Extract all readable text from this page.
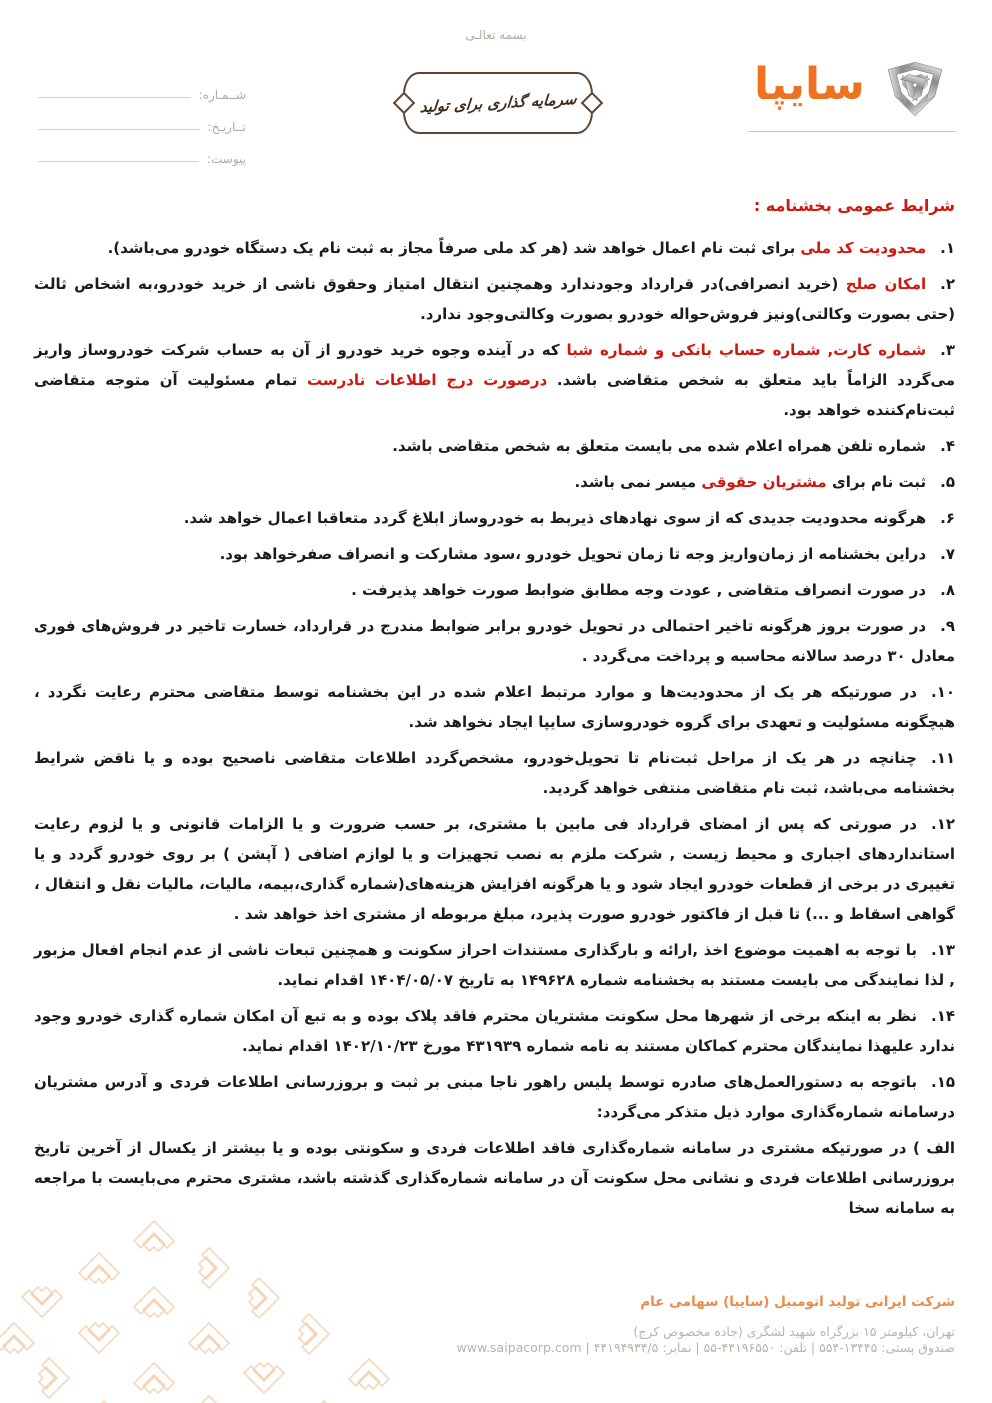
بسمه تعالـی
شــمـاره:
تــاریـخ:
پیوست:
سرمایه گذاری برای تولید	سایپا
شرایط عمومی بخشنامه :

۱.محدودیت کد ملی برای ثبت نام اعمال خواهد شد (هر کد ملی صرفاً مجاز به ثبت نام یک دستگاه خودرو می‌باشد).

۲.امکان صلح (خرید انصرافی)در قرارداد وجودندارد وهمچنین انتقال امتیاز وحقوق ناشی از خرید خودرو،به اشخاص ثالث (حتی بصورت وکالتی)ونیز فروش‌حواله خودرو بصورت وکالتی‌وجود ندارد.

۳.شماره کارت, شماره حساب بانکی و شماره شبا که در آینده وجوه خرید خودرو از آن به حساب شرکت خودروساز واریز می‌گردد الزاماً باید متعلق به شخص متقاضی باشد. درصورت درج اطلاعات نادرست تمام مسئولیت آن متوجه متقاضی ثبت‌نام‌کننده خواهد بود.

۴.شماره تلفن همراه اعلام شده می بایست متعلق به شخص متقاضی باشد.

۵.ثبت نام برای مشتریان حقوقی میسر نمی باشد.

۶.هرگونه محدودیت جدیدی که از سوی نهادهای ذیربط به خودروساز ابلاغ گردد متعاقبا اعمال خواهد شد.

۷.دراین بخشنامه از زمان‌واریز وجه تا زمان تحویل خودرو ،سود مشارکت و انصراف صفرخواهد بود.

۸.در صورت انصراف متقاضی , عودت وجه مطابق ضوابط صورت خواهد پذیرفت .

۹.در صورت بروز هرگونه تاخیر احتمالی در تحویل خودرو برابر ضوابط مندرج در قرارداد، خسارت تاخیر در فروش‌های فوری معادل ۳۰ درصد سالانه محاسبه و پرداخت می‌گردد .

۱۰.در صورتیکه هر یک از محدودیت‌ها و موارد مرتبط اعلام شده در این بخشنامه توسط متقاضی محترم رعایت نگردد ، هیچگونه مسئولیت و تعهدی برای گروه خودروسازی سایپا ایجاد نخواهد شد.

۱۱.چنانچه در هر یک از مراحل ثبت‌نام تا تحویل‌خودرو، مشخص‌گردد اطلاعات متقاضی ناصحیح بوده و یا ناقض شرایط بخشنامه می‌باشد، ثبت نام متقاضی منتفی خواهد گردید.

۱۲.در صورتی که پس از امضای قرارداد فی مابین با مشتری، بر حسب ضرورت و یا الزامات قانونی و یا لزوم رعایت استانداردهای اجباری و محیط زیست , شرکت ملزم به نصب تجهیزات و یا لوازم اضافی ( آپشن ) بر روی خودرو گردد و یا تغییری در برخی از قطعات خودرو ایجاد شود و یا هرگونه افزایش هزینه‌های(شماره گذاری،بیمه، مالیات، مالیات نقل و انتقال ، گواهی اسقاط و ...) تا قبل از فاکتور خودرو صورت پذیرد، مبلغ مربوطه از مشتری اخذ خواهد شد .

۱۳.با توجه به اهمیت موضوع اخذ ,ارائه و بارگذاری مستندات احراز سکونت و همچنین تبعات ناشی از عدم انجام افعال مزبور , لذا نمایندگی می بایست مستند به بخشنامه شماره ۱۴۹۶۲۸ به تاریخ ۱۴۰۴/۰۵/۰۷ اقدام نماید.

۱۴.نظر به اینکه برخی از شهرها محل سکونت مشتریان محترم فاقد پلاک بوده و به تبع آن امکان شماره گذاری خودرو وجود ندارد علیهذا نمایندگان محترم کماکان مستند به نامه شماره ۴۳۱۹۳۹ مورخ ۱۴۰۲/۱۰/۲۳ اقدام نماید.

۱۵.باتوجه به دستورالعمل‌های صادره توسط پلیس راهور ناجا مبنی بر ثبت و بروزرسانی اطلاعات فردی و آدرس مشتریان درسامانه شماره‌گذاری موارد ذیل متذکر می‌گردد:

الف ) در صورتیکه مشتری در سامانه شماره‌گذاری فاقد اطلاعات فردی و سکونتی بوده و یا بیشتر از یکسال از آخرین تاریخ بروزرسانی اطلاعات فردی و نشانی محل سکونت آن در سامانه شماره‌گذاری گذشته باشد، مشتری محترم می‌بایست با مراجعه به سامانه سخا

شرکت ایرانی تولید اتومبیل (سایپا) سهامی عام
تهران، کیلومتر ۱۵ بزرگراه شهید لشگری (جاده مخصوص کرج)
صندوق پستی: ۱۳۴۴۵-۵۵۴ | تلفن: ۴۴۱۹۶۵۵۰-۵۵ | نمابر: ۴۴۱۹۴۹۳۴/۵ | www.saipacorp.com
